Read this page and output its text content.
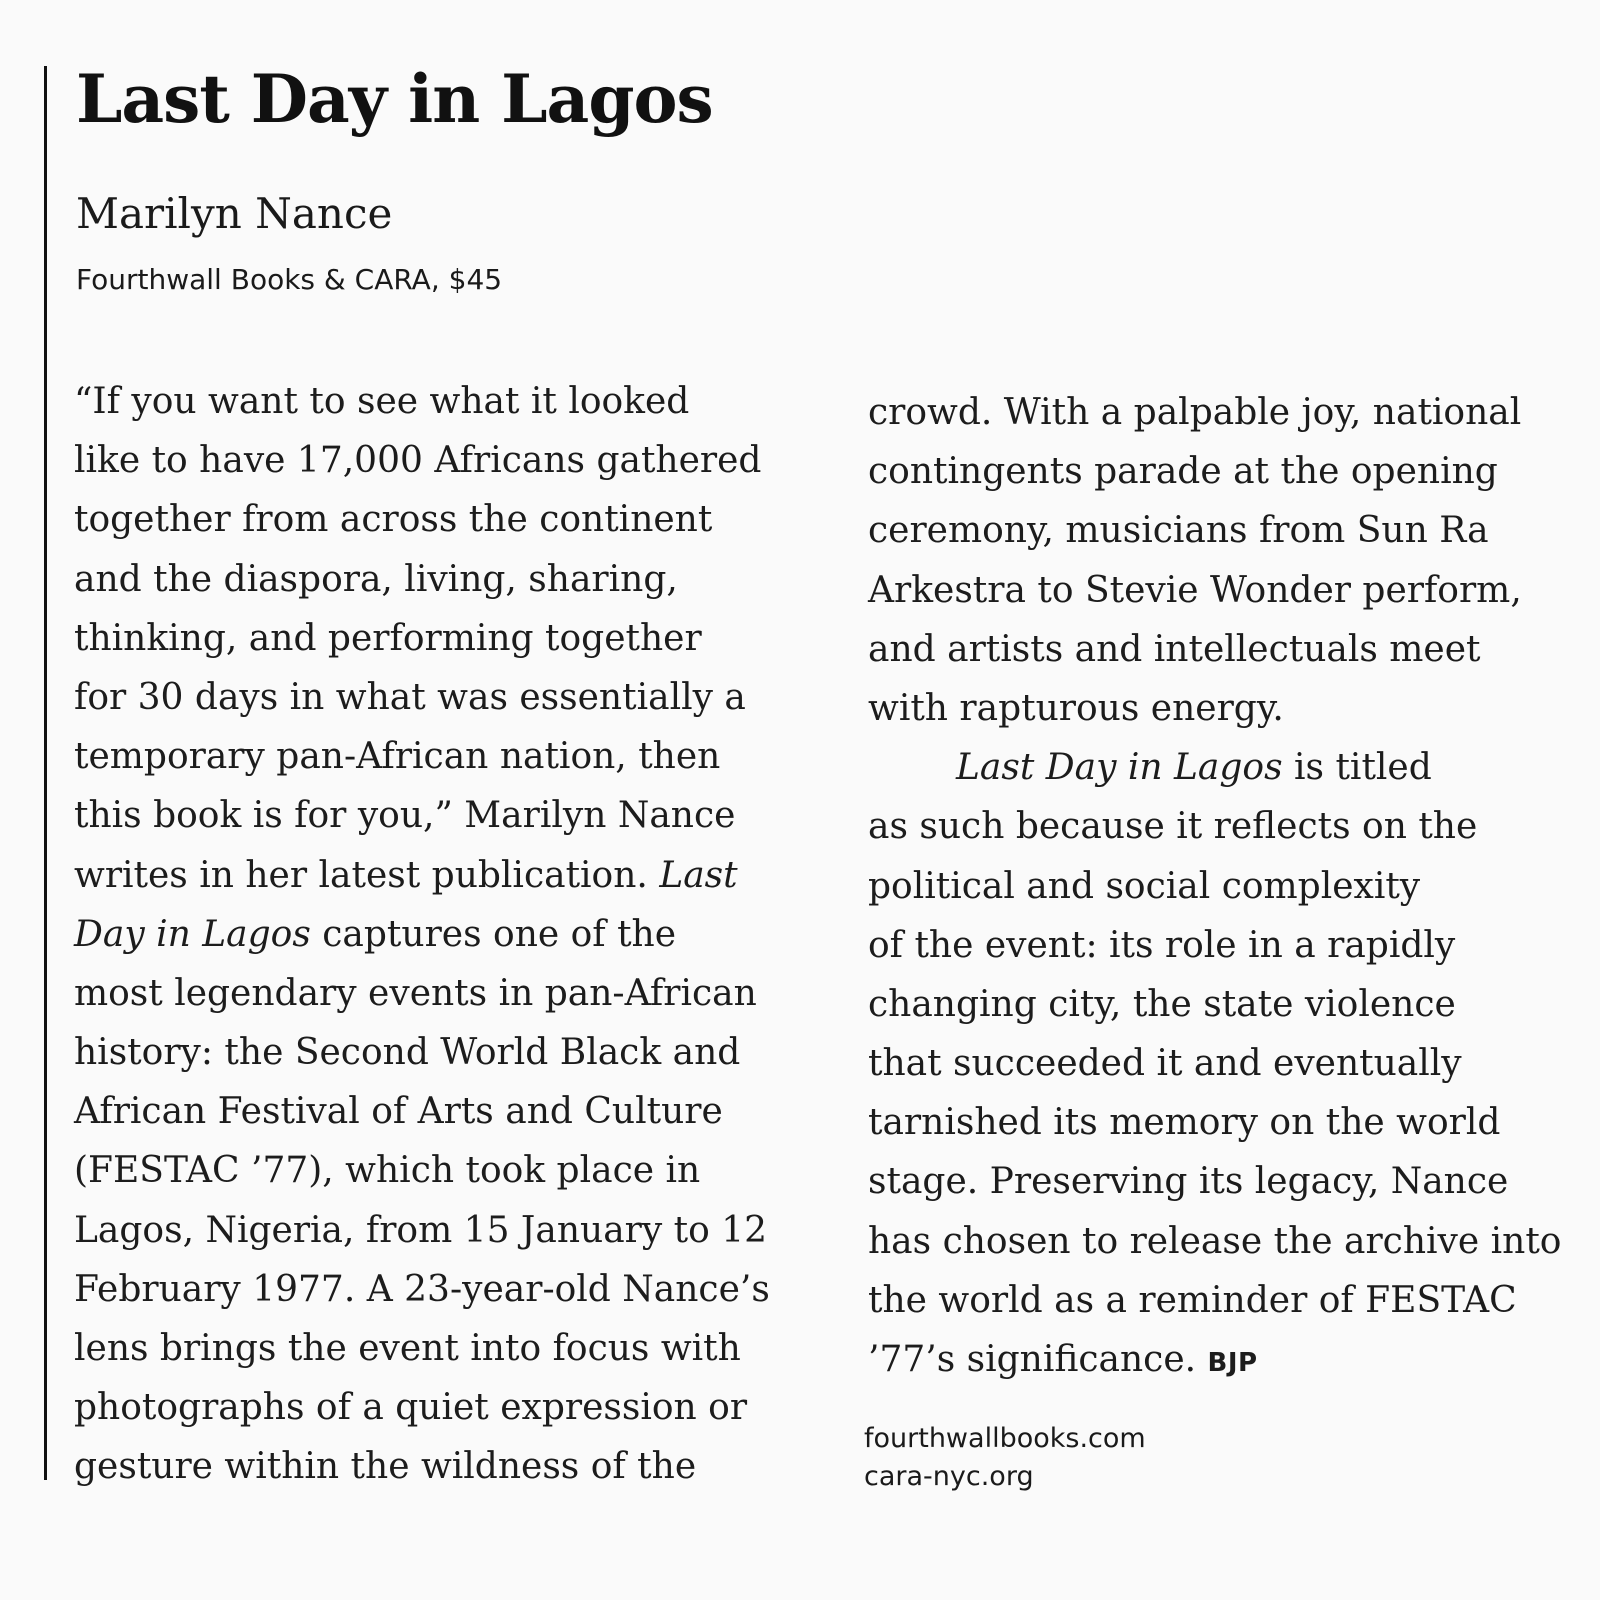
Last Day in Lagos
Marilyn Nance
Fourthwall Books & CARA, $45
“If you want to see what it looked
like to have 17,000 Africans gathered
together from across the continent
and the diaspora, living, sharing,
thinking, and performing together
for 30 days in what was essentially a
temporary pan-African nation, then
this book is for you,” Marilyn Nance
writes in her latest publication. Last
Day in Lagos captures one of the
most legendary events in pan-African
history: the Second World Black and
African Festival of Arts and Culture
(FESTAC ’77), which took place in
Lagos, Nigeria, from 15 January to 12
February 1977. A 23-year-old Nance’s
lens brings the event into focus with
photographs of a quiet expression or
gesture within the wildness of the
crowd. With a palpable joy, national
contingents parade at the opening
ceremony, musicians from Sun Ra
Arkestra to Stevie Wonder perform,
and artists and intellectuals meet
with rapturous energy.
Last Day in Lagos is titled
as such because it reflects on the
political and social complexity
of the event: its role in a rapidly
changing city, the state violence
that succeeded it and eventually
tarnished its memory on the world
stage. Preserving its legacy, Nance
has chosen to release the archive into
the world as a reminder of FESTAC
’77’s significance. BJP
fourthwallbooks.com
cara-nyc.org
